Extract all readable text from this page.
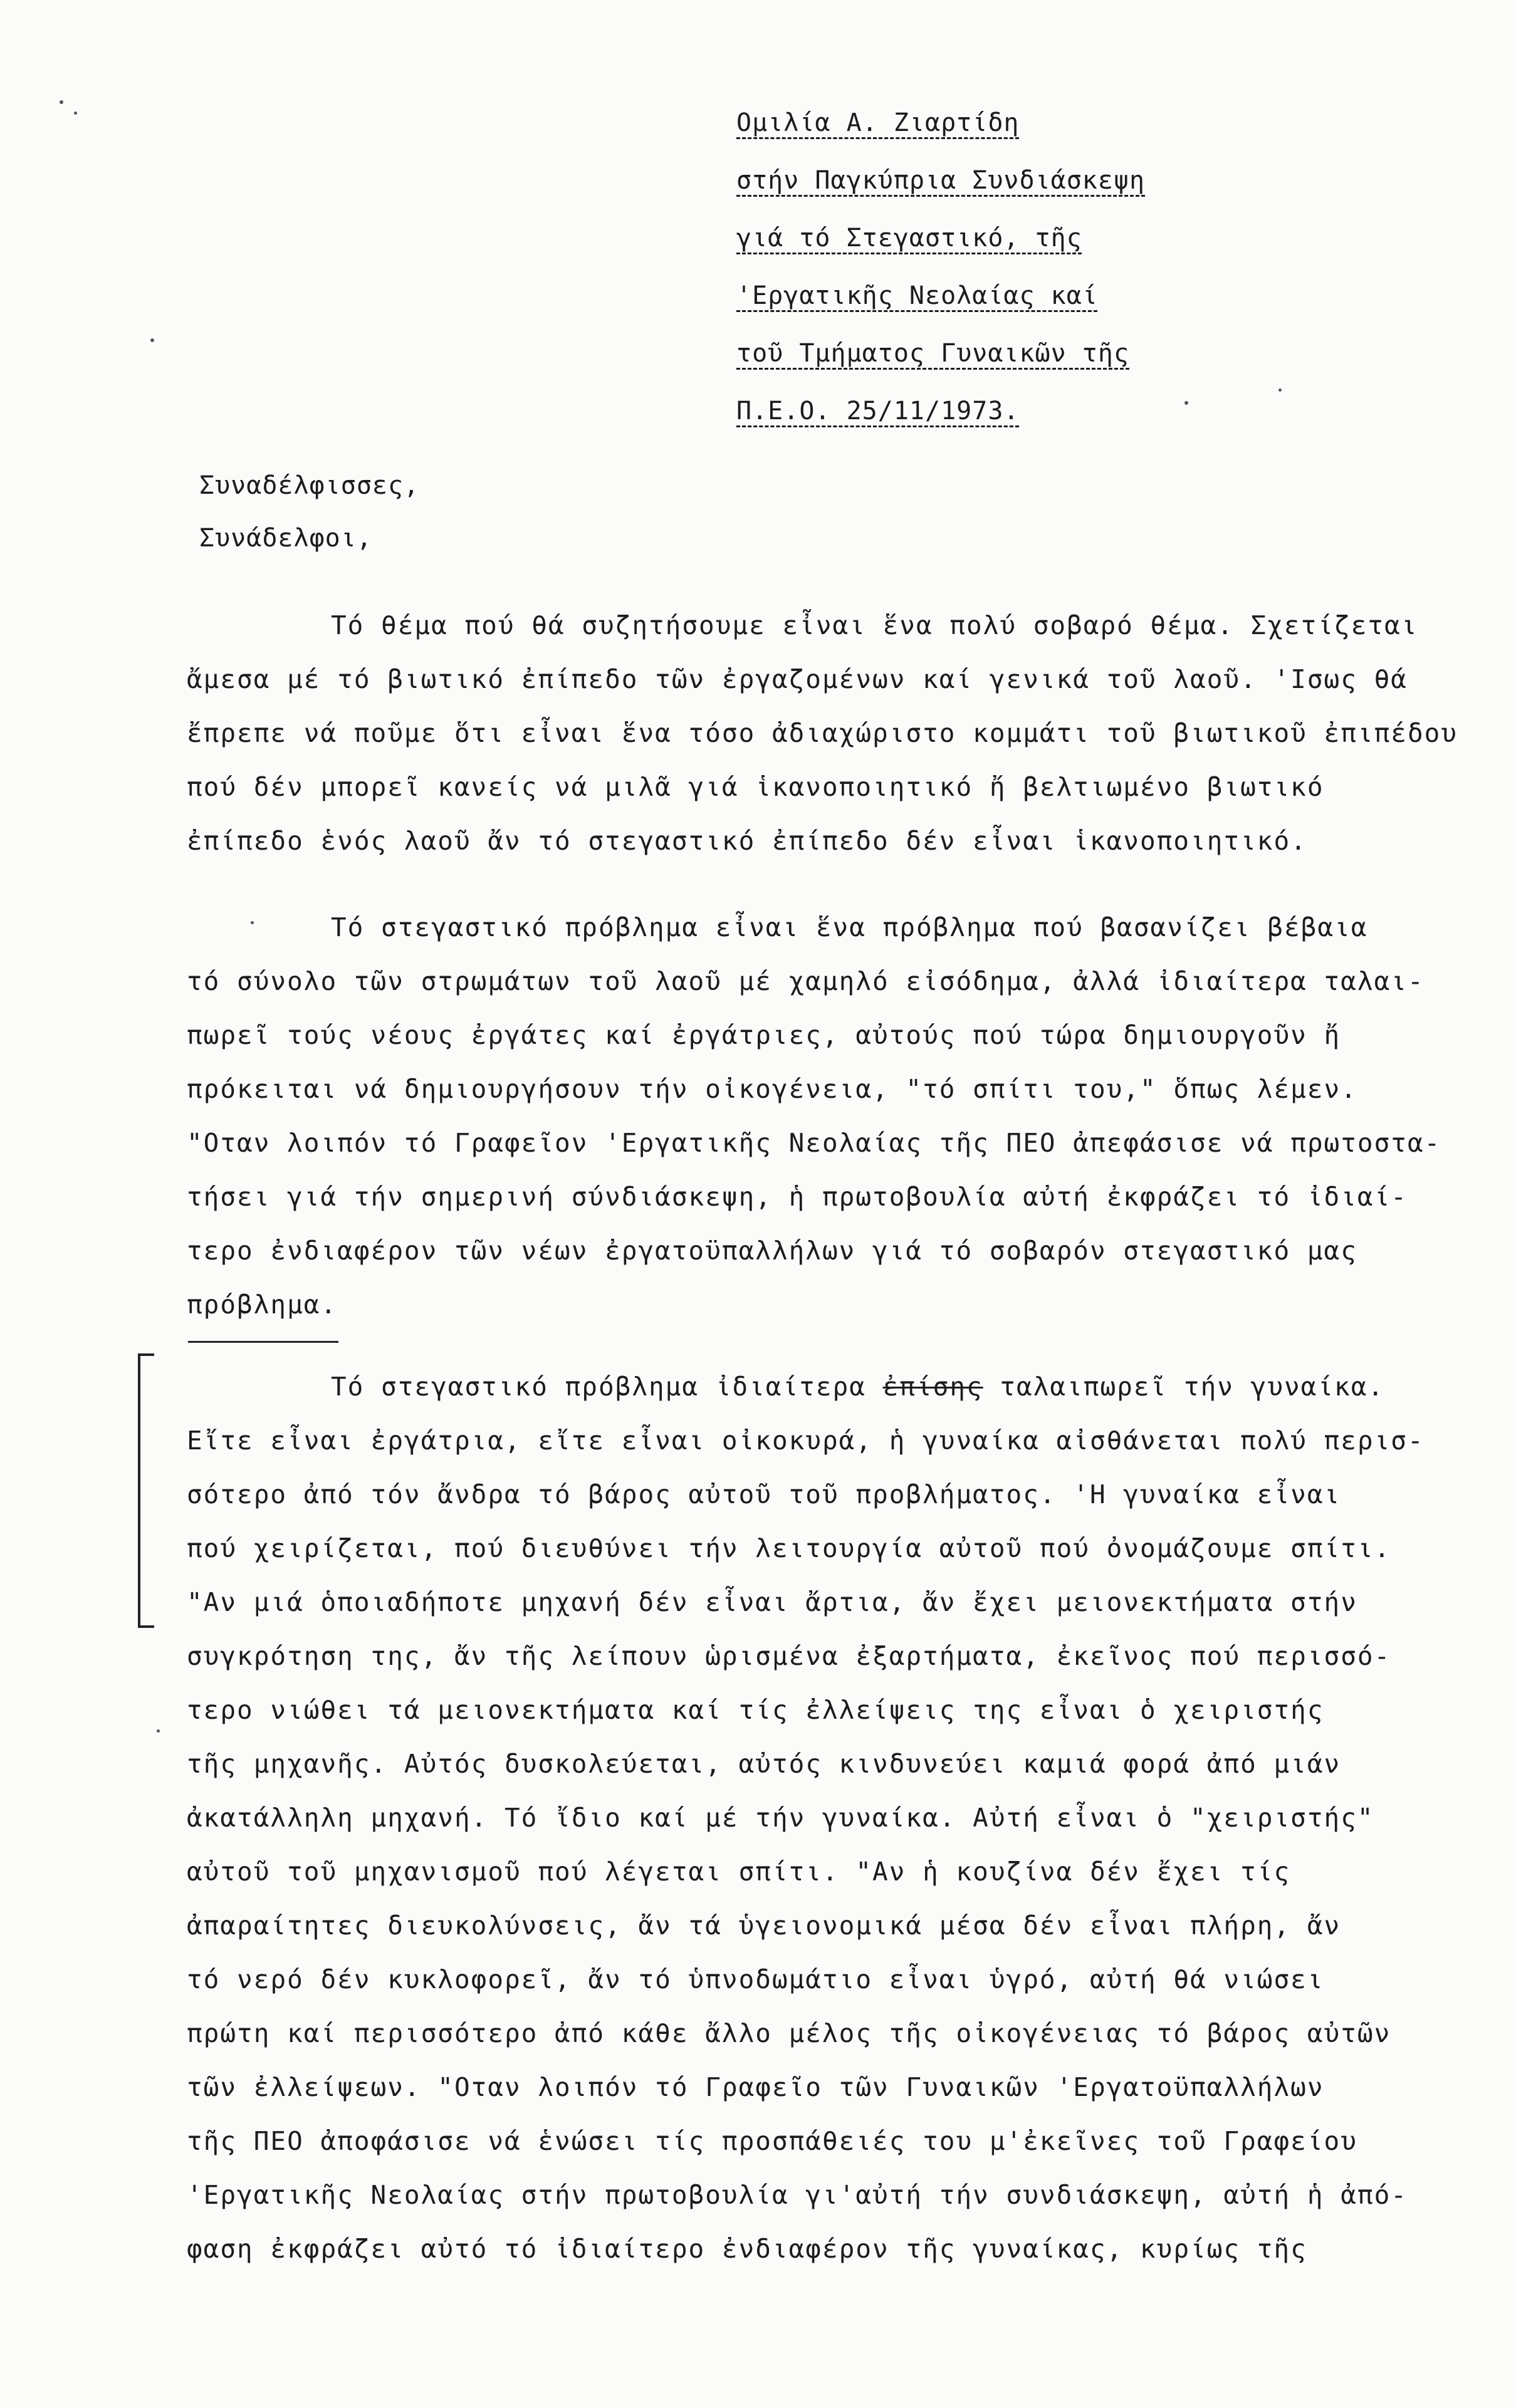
Ομιλία Α. Ζιαρτίδη
στήν Παγκύπρια Συνδιάσκεψη
γιά τό Στεγαστικό, τῆς
'Εργατικῆς Νεολαίας καί
τοῦ Τμήματος Γυναικῶν τῆς
Π.Ε.Ο. 25/11/1973.
Συναδέλφισσες,
Συνάδελφοι,
Τό θέμα πού θά συζητήσουμε εἶναι ἕνα πολύ σοβαρό θέμα. Σχετίζεται
ἄμεσα μέ τό βιωτικό ἐπίπεδο τῶν ἐργαζομένων καί γενικά τοῦ λαοῦ. 'Ισως θά
ἔπρεπε νά ποῦμε ὅτι εἶναι ἕνα τόσο ἀδιαχώριστο κομμάτι τοῦ βιωτικοῦ ἐπιπέδου
πού δέν μπορεῖ κανείς νά μιλᾶ γιά ἱκανοποιητικό ἤ βελτιωμένο βιωτικό
ἐπίπεδο ἑνός λαοῦ ἄν τό στεγαστικό ἐπίπεδο δέν εἶναι ἱκανοποιητικό.
Τό στεγαστικό πρόβλημα εἶναι ἕνα πρόβλημα πού βασανίζει βέβαια
τό σύνολο τῶν στρωμάτων τοῦ λαοῦ μέ χαμηλό εἰσόδημα, ἀλλά ἰδιαίτερα ταλαι-
πωρεῖ τούς νέους ἐργάτες καί ἐργάτριες, αὐτούς πού τώρα δημιουργοῦν ἤ
πρόκειται νά δημιουργήσουν τήν οἰκογένεια, "τό σπίτι του," ὅπως λέμεν.
"Οταν λοιπόν τό Γραφεῖον 'Εργατικῆς Νεολαίας τῆς ΠΕΟ ἀπεφάσισε νά πρωτοστα-
τήσει γιά τήν σημερινή σύνδιάσκεψη, ἡ πρωτοβουλία αὐτή ἐκφράζει τό ἰδιαί-
τερο ἐνδιαφέρον τῶν νέων ἐργατοϋπαλλήλων γιά τό σοβαρόν στεγαστικό μας
πρόβλημα.
Τό στεγαστικό πρόβλημα ἰδιαίτερα ἐπίσης ταλαιπωρεῖ τήν γυναίκα.
Εἴτε εἶναι ἐργάτρια, εἴτε εἶναι οἰκοκυρά, ἡ γυναίκα αἰσθάνεται πολύ περισ-
σότερο ἀπό τόν ἄνδρα τό βάρος αὐτοῦ τοῦ προβλήματος. 'Η γυναίκα εἶναι
πού χειρίζεται, πού διευθύνει τήν λειτουργία αὐτοῦ πού ὀνομάζουμε σπίτι.
"Αν μιά ὁποιαδήποτε μηχανή δέν εἶναι ἄρτια, ἄν ἔχει μειονεκτήματα στήν
συγκρότηση της, ἄν τῆς λείπουν ὡρισμένα ἐξαρτήματα, ἐκεῖνος πού περισσό-
τερο νιώθει τά μειονεκτήματα καί τίς ἐλλείψεις της εἶναι ὁ χειριστής
τῆς μηχανῆς. Αὐτός δυσκολεύεται, αὐτός κινδυνεύει καμιά φορά ἀπό μιάν
ἀκατάλληλη μηχανή. Τό ἴδιο καί μέ τήν γυναίκα. Αὐτή εἶναι ὁ "χειριστής"
αὐτοῦ τοῦ μηχανισμοῦ πού λέγεται σπίτι. "Αν ἡ κουζίνα δέν ἔχει τίς
ἀπαραίτητες διευκολύνσεις, ἄν τά ὑγειονομικά μέσα δέν εἶναι πλήρη, ἄν
τό νερό δέν κυκλοφορεῖ, ἄν τό ὑπνοδωμάτιο εἶναι ὑγρό, αὐτή θά νιώσει
πρώτη καί περισσότερο ἀπό κάθε ἄλλο μέλος τῆς οἰκογένειας τό βάρος αὐτῶν
τῶν ἐλλείψεων. "Οταν λοιπόν τό Γραφεῖο τῶν Γυναικῶν 'Εργατοϋπαλλήλων
τῆς ΠΕΟ ἀποφάσισε νά ἑνώσει τίς προσπάθειές του μ'ἐκεῖνες τοῦ Γραφείου
'Εργατικῆς Νεολαίας στήν πρωτοβουλία γι'αὐτή τήν συνδιάσκεψη, αὐτή ἡ ἀπό-
φαση ἐκφράζει αὐτό τό ἰδιαίτερο ἐνδιαφέρον τῆς γυναίκας, κυρίως τῆς
